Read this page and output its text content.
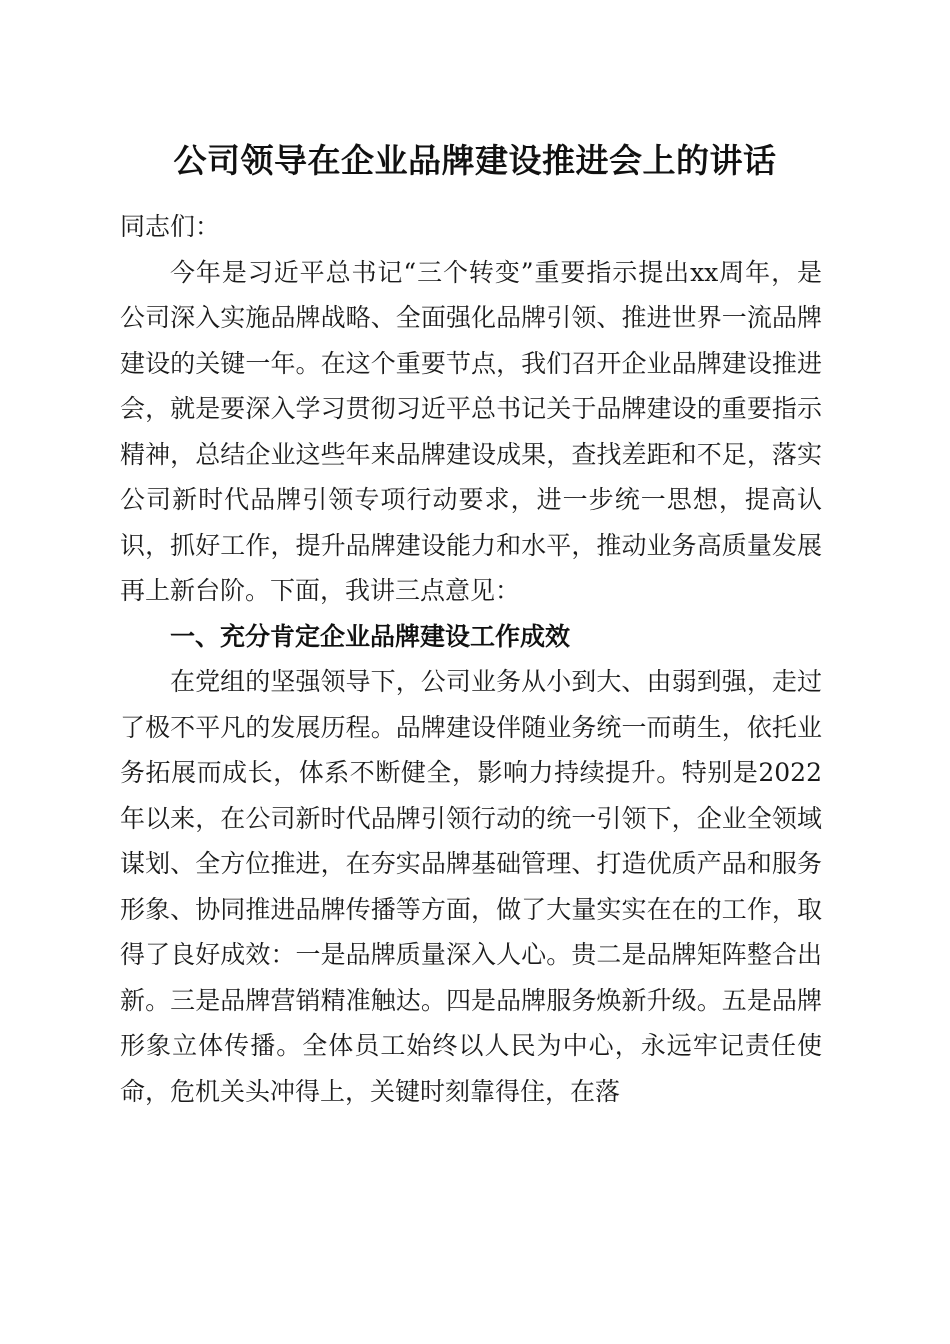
公司领导在企业品牌建设推进会上的讲话

同志们：

今年是习近平总书记“三个转变”重要指示提出xx周年，是公司深入实施品牌战略、全面强化品牌引领、推进世界一流品牌建设的关键一年。在这个重要节点，我们召开企业品牌建设推进会，就是要深入学习贯彻习近平总书记关于品牌建设的重要指示精神，总结企业这些年来品牌建设成果，查找差距和不足，落实公司新时代品牌引领专项行动要求，进一步统一思想，提高认识，抓好工作，提升品牌建设能力和水平，推动业务高质量发展再上新台阶。下面，我讲三点意见：

一、充分肯定企业品牌建设工作成效

在党组的坚强领导下，公司业务从小到大、由弱到强，走过了极不平凡的发展历程。品牌建设伴随业务统一而萌生，依托业务拓展而成长，体系不断健全，影响力持续提升。特别是2022年以来，在公司新时代品牌引领行动的统一引领下，企业全领域谋划、全方位推进，在夯实品牌基础管理、打造优质产品和服务形象、协同推进品牌传播等方面，做了大量实实在在的工作，取得了良好成效：一是品牌质量深入人心。贵二是品牌矩阵整合出新。三是品牌营销精准触达。四是品牌服务焕新升级。五是品牌形象立体传播。全体员工始终以人民为中心，永远牢记责任使命，危机关头冲得上，关键时刻靠得住，在落
